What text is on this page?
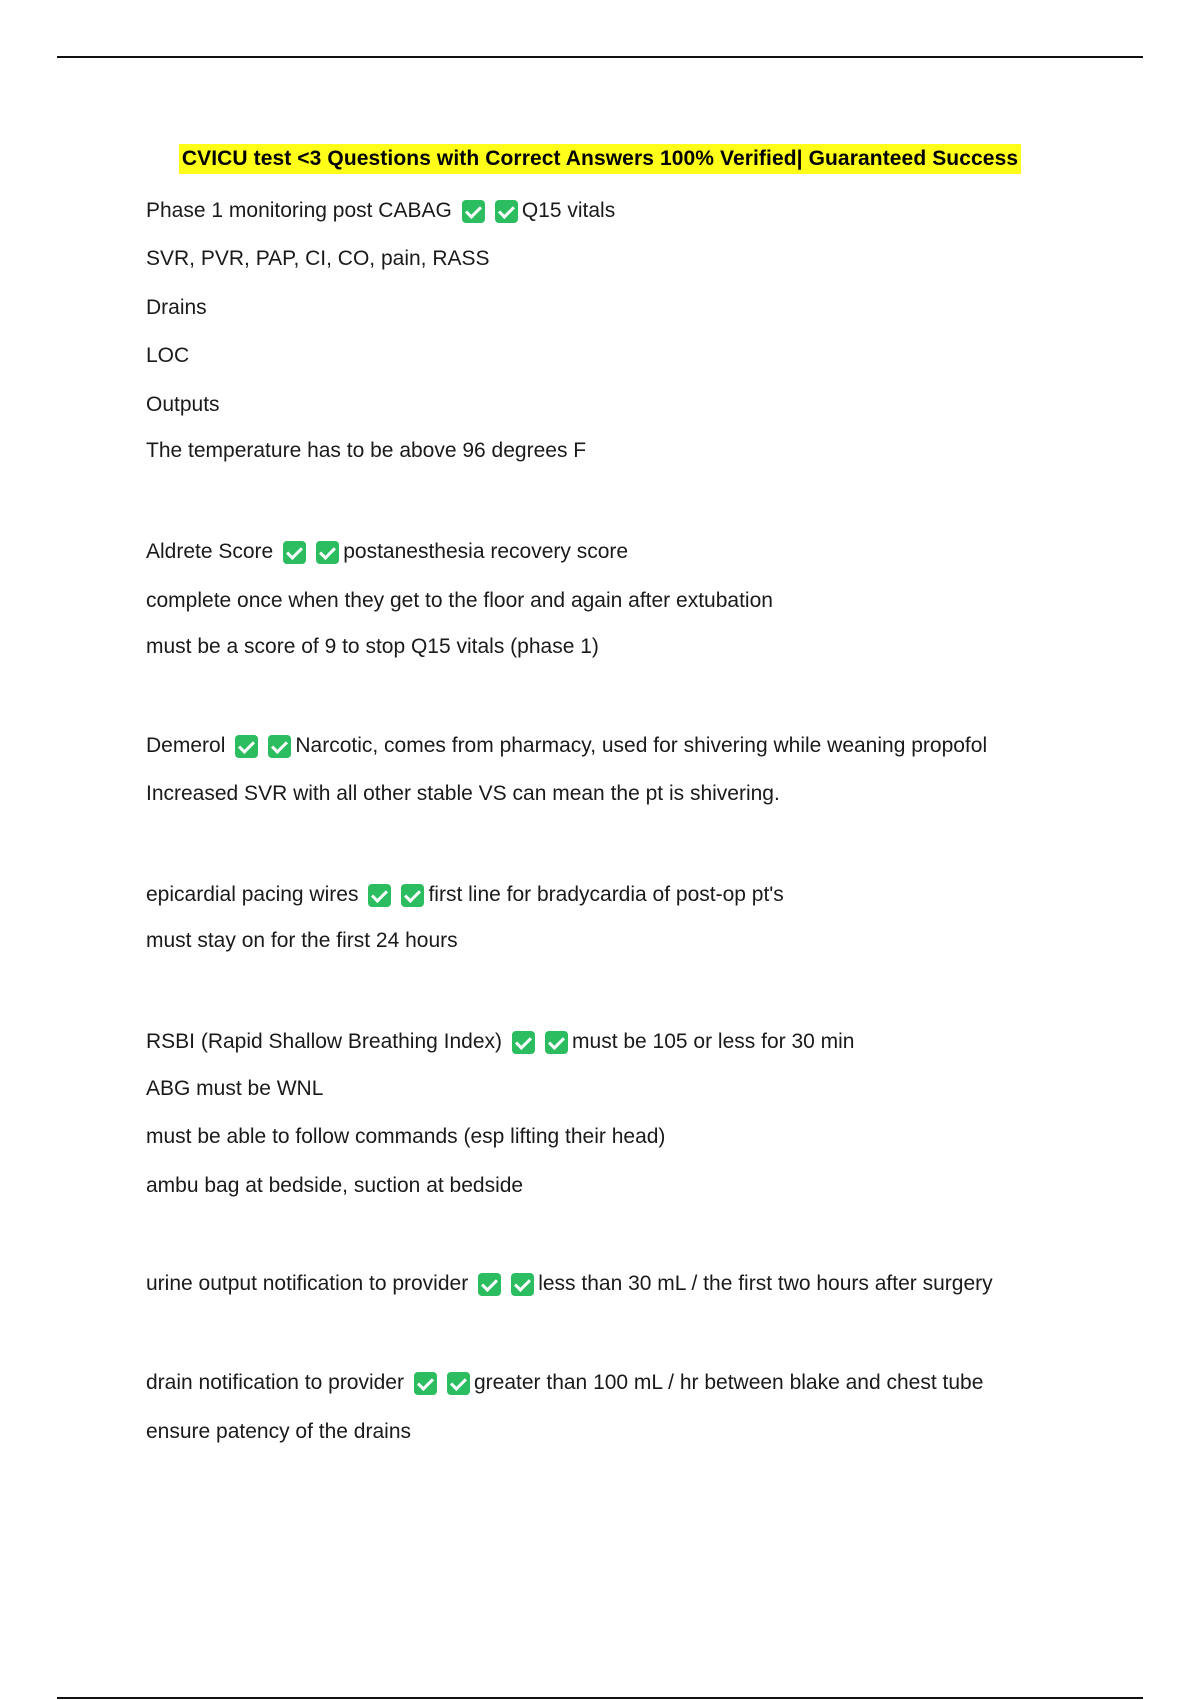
CVICU test <3 Questions with Correct Answers 100% Verified| Guaranteed Success
Phase 1 monitoring post CABAG	Q15 vitals
SVR, PVR, PAP, CI, CO, pain, RASS
Drains
LOC
Outputs
The temperature has to be above 96 degrees F
Aldrete Score	postanesthesia recovery score
complete once when they get to the floor and again after extubation
must be a score of 9 to stop Q15 vitals (phase 1)
Demerol	Narcotic, comes from pharmacy, used for shivering while weaning propofol
Increased SVR with all other stable VS can mean the pt is shivering.
epicardial pacing wires	first line for bradycardia of post-op pt's
must stay on for the first 24 hours
RSBI (Rapid Shallow Breathing Index)	must be 105 or less for 30 min
ABG must be WNL
must be able to follow commands (esp lifting their head)
ambu bag at bedside, suction at bedside
urine output notification to provider	less than 30 mL / the first two hours after surgery
drain notification to provider	greater than 100 mL / hr between blake and chest tube
ensure patency of the drains
